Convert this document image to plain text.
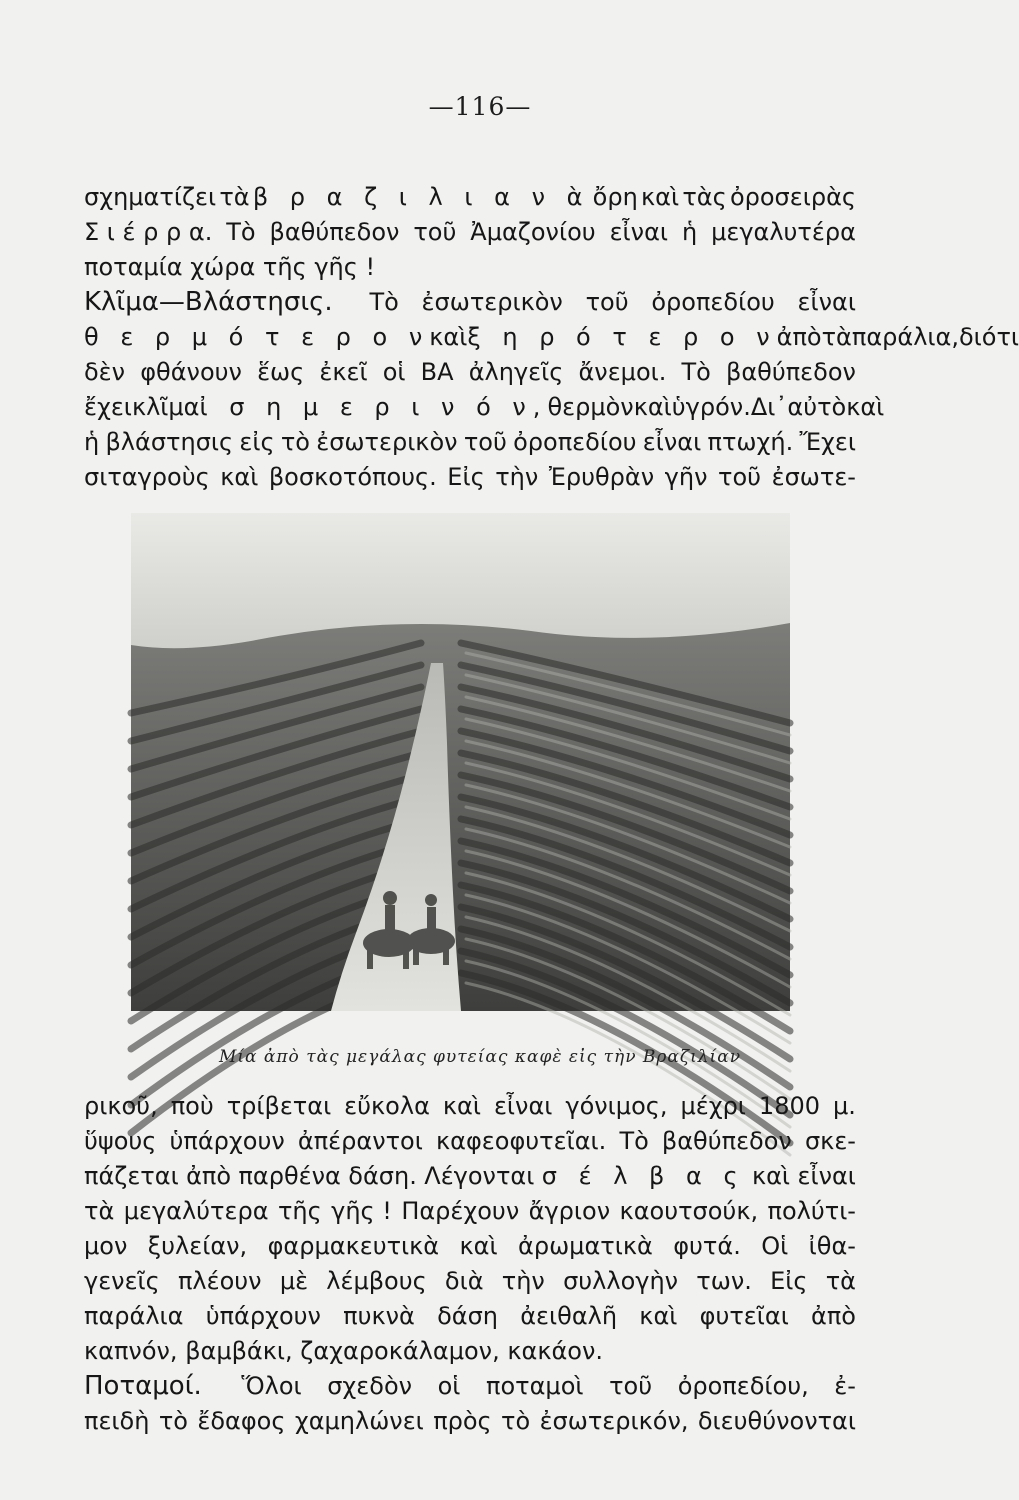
—116—
σχηματίζει τὰ β ρ α ζ ι λ ι α ν ὰ ὄρη καὶ τὰς ὀροσειρὰς
Σ ι έ ρ ρ α. Τὸ βαθύπεδον τοῦ Ἀμαζονίου εἶναι ἡ μεγαλυτέρα
ποταμία
χώρα
τῆς
γῆς !
Κλῖμα—Βλάστησις. Τὸ ἐσωτερικὸν τοῦ ὀροπεδίου εἶναι
θ ε ρ μ ό τ ε ρ ο ν καὶ ξ η ρ ό τ ε ρ ο ν ἀπὸ τὰ παράλια, διότι
δὲν φθάνουν ἕως ἐκεῖ οἱ ΒΑ ἀληγεῖς ἄνεμοι. Τὸ βαθύπεδον
ἔχει κλῖμα ἰ σ η μ ε ρ ι ν ό ν, θερμὸν καὶ ὑγρόν. Δι᾽ αὐτὸ καὶ
ἡ βλάστησις εἰς τὸ ἐσωτερικὸν τοῦ ὀροπεδίου εἶναι πτωχή. Ἔχει
σιταγροὺς καὶ βοσκοτόπους. Εἰς τὴν Ἐρυθρὰν γῆν τοῦ ἐσωτε-
Μία ἀπὸ τὰς μεγάλας φυτείας καφὲ εἰς τὴν Βραζιλίαν
ρικοῦ, ποὺ τρίβεται εὔκολα καὶ εἶναι γόνιμος, μέχρι 1800 μ.
ὕψους ὑπάρχουν ἀπέραντοι καφεοφυτεῖαι. Τὸ βαθύπεδον σκε-
πάζεται ἀπὸ παρθένα δάση. Λέγονται σ έ λ β α ς καὶ εἶναι
τὰ μεγαλύτερα τῆς γῆς ! Παρέχουν ἄγριον καουτσούκ, πολύτι-
μον ξυλείαν, φαρμακευτικὰ καὶ ἀρωματικὰ φυτά. Οἱ ἰθα-
γενεῖς πλέουν μὲ λέμβους διὰ τὴν συλλογὴν των. Εἰς τὰ
παράλια ὑπάρχουν πυκνὰ δάση ἀειθαλῆ καὶ φυτεῖαι ἀπὸ
καπνόν,
βαμβάκι,
ζαχαροκάλαμον,
κακάον.
Ποταμοί. Ὅλοι σχεδὸν οἱ ποταμοὶ τοῦ ὀροπεδίου, ἐ-
πειδὴ τὸ ἔδαφος χαμηλώνει πρὸς τὸ ἐσωτερικόν, διευθύνονται
